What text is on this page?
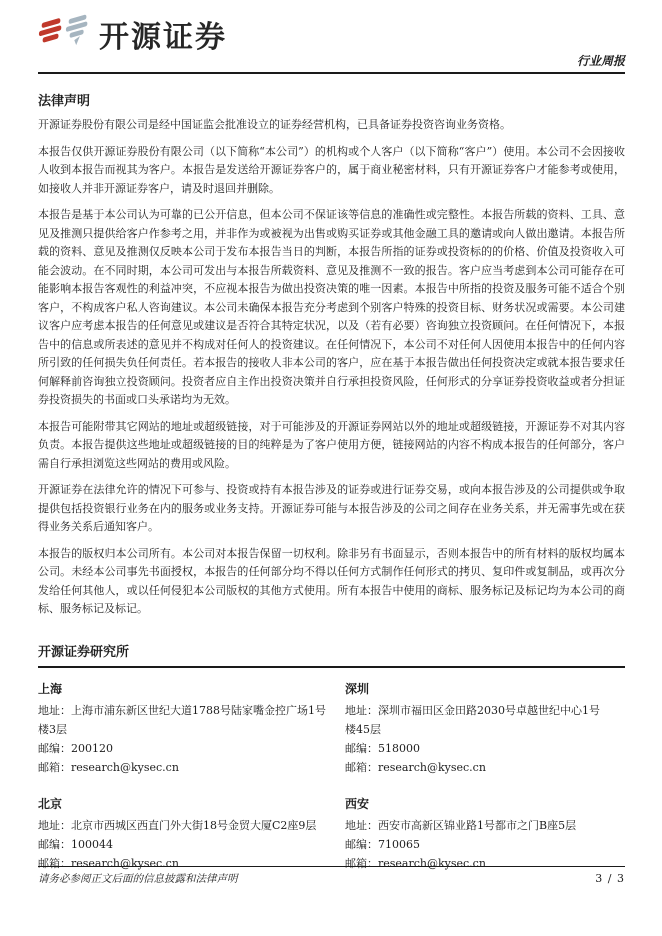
开源证券
行业周报
法律声明

开源证券股份有限公司是经中国证监会批准设立的证券经营机构，已具备证券投资咨询业务资格。

本报告仅供开源证券股份有限公司（以下简称“本公司”）的机构或个人客户（以下简称“客户”）使用。本公司不会因接收人收到本报告而视其为客户。本报告是发送给开源证券客户的，属于商业秘密材料，只有开源证券客户才能参考或使用，如接收人并非开源证券客户，请及时退回并删除。

本报告是基于本公司认为可靠的已公开信息，但本公司不保证该等信息的准确性或完整性。本报告所载的资料、工具、意见及推测只提供给客户作参考之用，并非作为或被视为出售或购买证券或其他金融工具的邀请或向人做出邀请。本报告所载的资料、意见及推测仅反映本公司于发布本报告当日的判断，本报告所指的证券或投资标的的价格、价值及投资收入可能会波动。在不同时期，本公司可发出与本报告所载资料、意见及推测不一致的报告。客户应当考虑到本公司可能存在可能影响本报告客观性的利益冲突，不应视本报告为做出投资决策的唯一因素。本报告中所指的投资及服务可能不适合个别客户，不构成客户私人咨询建议。本公司未确保本报告充分考虑到个别客户特殊的投资目标、财务状况或需要。本公司建议客户应考虑本报告的任何意见或建议是否符合其特定状况，以及（若有必要）咨询独立投资顾问。在任何情况下，本报告中的信息或所表述的意见并不构成对任何人的投资建议。在任何情况下，本公司不对任何人因使用本报告中的任何内容所引致的任何损失负任何责任。若本报告的接收人非本公司的客户，应在基于本报告做出任何投资决定或就本报告要求任何解释前咨询独立投资顾问。投资者应自主作出投资决策并自行承担投资风险，任何形式的分享证券投资收益或者分担证券投资损失的书面或口头承诺均为无效。

本报告可能附带其它网站的地址或超级链接，对于可能涉及的开源证券网站以外的地址或超级链接，开源证券不对其内容负责。本报告提供这些地址或超级链接的目的纯粹是为了客户使用方便，链接网站的内容不构成本报告的任何部分，客户需自行承担浏览这些网站的费用或风险。

开源证券在法律允许的情况下可参与、投资或持有本报告涉及的证券或进行证券交易，或向本报告涉及的公司提供或争取提供包括投资银行业务在内的服务或业务支持。开源证券可能与本报告涉及的公司之间存在业务关系，并无需事先或在获得业务关系后通知客户。

本报告的版权归本公司所有。本公司对本报告保留一切权利。除非另有书面显示，否则本报告中的所有材料的版权均属本公司。未经本公司事先书面授权，本报告的任何部分均不得以任何方式制作任何形式的拷贝、复印件或复制品，或再次分发给任何其他人，或以任何侵犯本公司版权的其他方式使用。所有本报告中使用的商标、服务标记及标记均为本公司的商标、服务标记及标记。

开源证券研究所
上海
地址：上海市浦东新区世纪大道1788号陆家嘴金控广场1号楼3层
邮编：200120
邮箱：research@kysec.cn
深圳
地址：深圳市福田区金田路2030号卓越世纪中心1号楼45层
邮编：518000
邮箱：research@kysec.cn
北京
地址：北京市西城区西直门外大街18号金贸大厦C2座9层
邮编：100044
邮箱：research@kysec.cn
西安
地址：西安市高新区锦业路1号都市之门B座5层
邮编：710065
邮箱：research@kysec.cn
请务必参阅正文后面的信息披露和法律声明	3 / 3
